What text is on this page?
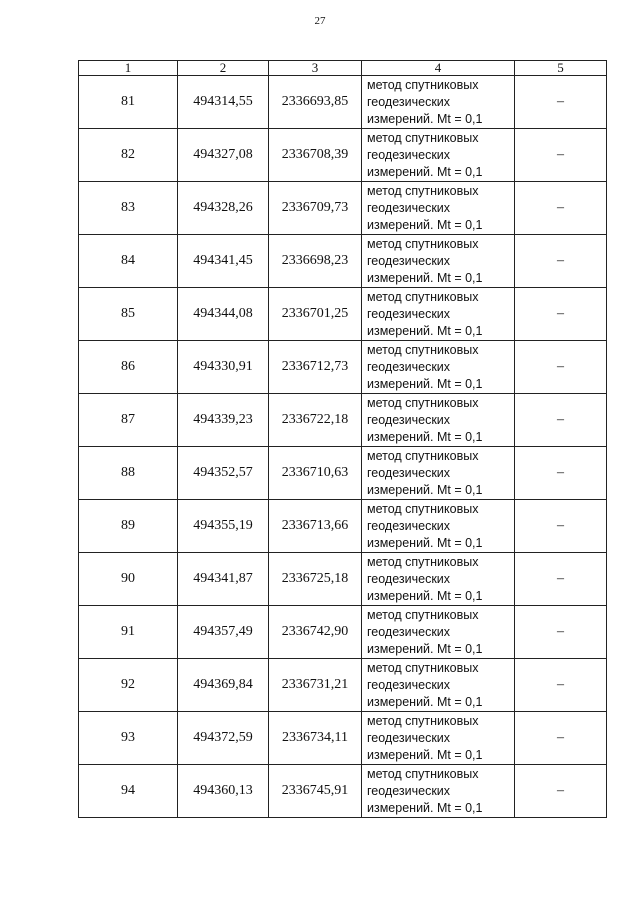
27
1	2	3	4	5
81	494314,55	2336693,85	метод спутниковых
геодезических
измерений. Mt = 0,1	–
82	494327,08	2336708,39	метод спутниковых
геодезических
измерений. Mt = 0,1	–
83	494328,26	2336709,73	метод спутниковых
геодезических
измерений. Mt = 0,1	–
84	494341,45	2336698,23	метод спутниковых
геодезических
измерений. Mt = 0,1	–
85	494344,08	2336701,25	метод спутниковых
геодезических
измерений. Mt = 0,1	–
86	494330,91	2336712,73	метод спутниковых
геодезических
измерений. Mt = 0,1	–
87	494339,23	2336722,18	метод спутниковых
геодезических
измерений. Mt = 0,1	–
88	494352,57	2336710,63	метод спутниковых
геодезических
измерений. Mt = 0,1	–
89	494355,19	2336713,66	метод спутниковых
геодезических
измерений. Mt = 0,1	–
90	494341,87	2336725,18	метод спутниковых
геодезических
измерений. Mt = 0,1	–
91	494357,49	2336742,90	метод спутниковых
геодезических
измерений. Mt = 0,1	–
92	494369,84	2336731,21	метод спутниковых
геодезических
измерений. Mt = 0,1	–
93	494372,59	2336734,11	метод спутниковых
геодезических
измерений. Mt = 0,1	–
94	494360,13	2336745,91	метод спутниковых
геодезических
измерений. Mt = 0,1	–
